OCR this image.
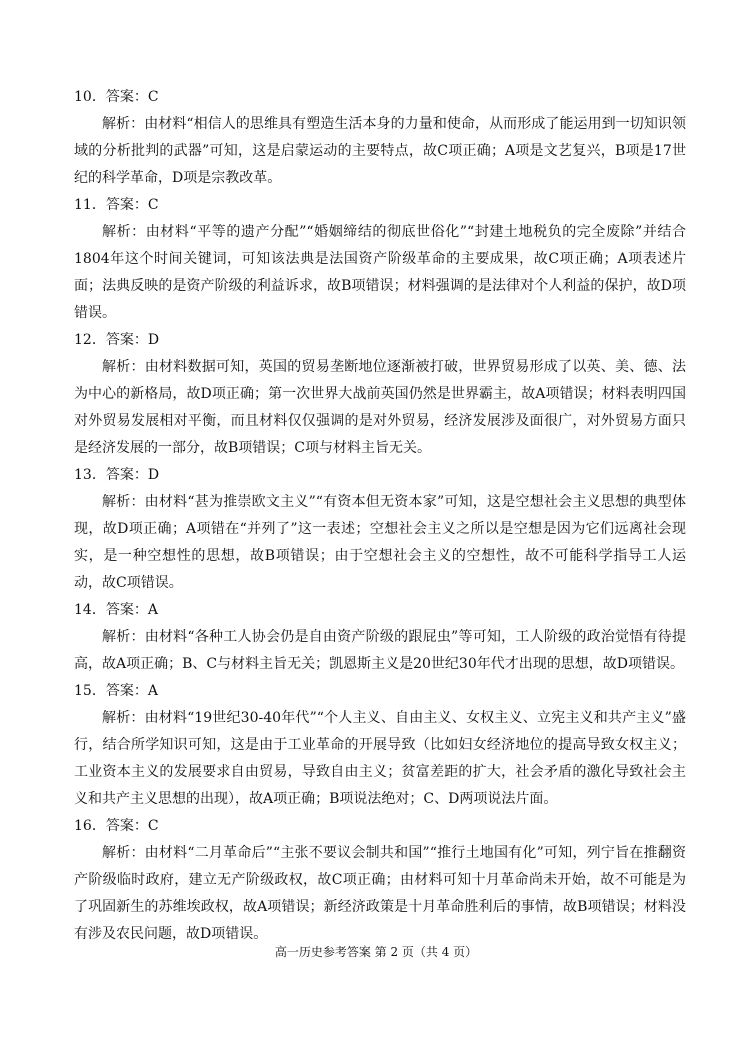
10．答案：C

解析：由材料“相信人的思维具有塑造生活本身的力量和使命，从而形成了能运用到一切知识领域的分析批判的武器”可知，这是启蒙运动的主要特点，故C项正确；A项是文艺复兴，B项是17世纪的科学革命，D项是宗教改革。

11．答案：C

解析：由材料“平等的遗产分配”“婚姻缔结的彻底世俗化”“封建土地税负的完全废除”并结合1804年这个时间关键词，可知该法典是法国资产阶级革命的主要成果，故C项正确；A项表述片面；法典反映的是资产阶级的利益诉求，故B项错误；材料强调的是法律对个人利益的保护，故D项错误。

12．答案：D

解析：由材料数据可知，英国的贸易垄断地位逐渐被打破，世界贸易形成了以英、美、德、法为中心的新格局，故D项正确；第一次世界大战前英国仍然是世界霸主，故A项错误；材料表明四国对外贸易发展相对平衡，而且材料仅仅强调的是对外贸易，经济发展涉及面很广，对外贸易方面只是经济发展的一部分，故B项错误；C项与材料主旨无关。

13．答案：D

解析：由材料“甚为推崇欧文主义”“有资本但无资本家”可知，这是空想社会主义思想的典型体现，故D项正确；A项错在“并列了”这一表述；空想社会主义之所以是空想是因为它们远离社会现实，是一种空想性的思想，故B项错误；由于空想社会主义的空想性，故不可能科学指导工人运动，故C项错误。

14．答案：A

解析：由材料“各种工人协会仍是自由资产阶级的跟屁虫”等可知，工人阶级的政治觉悟有待提高，故A项正确；B、C与材料主旨无关；凯恩斯主义是20世纪30年代才出现的思想，故D项错误。

15．答案：A

解析：由材料“19世纪30-40年代”“个人主义、自由主义、女权主义、立宪主义和共产主义”盛行，结合所学知识可知，这是由于工业革命的开展导致（比如妇女经济地位的提高导致女权主义；工业资本主义的发展要求自由贸易，导致自由主义；贫富差距的扩大，社会矛盾的激化导致社会主义和共产主义思想的出现），故A项正确；B项说法绝对；C、D两项说法片面。

16．答案：C

解析：由材料“二月革命后”“主张不要议会制共和国”“推行土地国有化”可知，列宁旨在推翻资产阶级临时政府，建立无产阶级政权，故C项正确；由材料可知十月革命尚未开始，故不可能是为了巩固新生的苏维埃政权，故A项错误；新经济政策是十月革命胜利后的事情，故B项错误；材料没有涉及农民问题，故D项错误。

高一历史参考答案 第 2 页（共 4 页）
